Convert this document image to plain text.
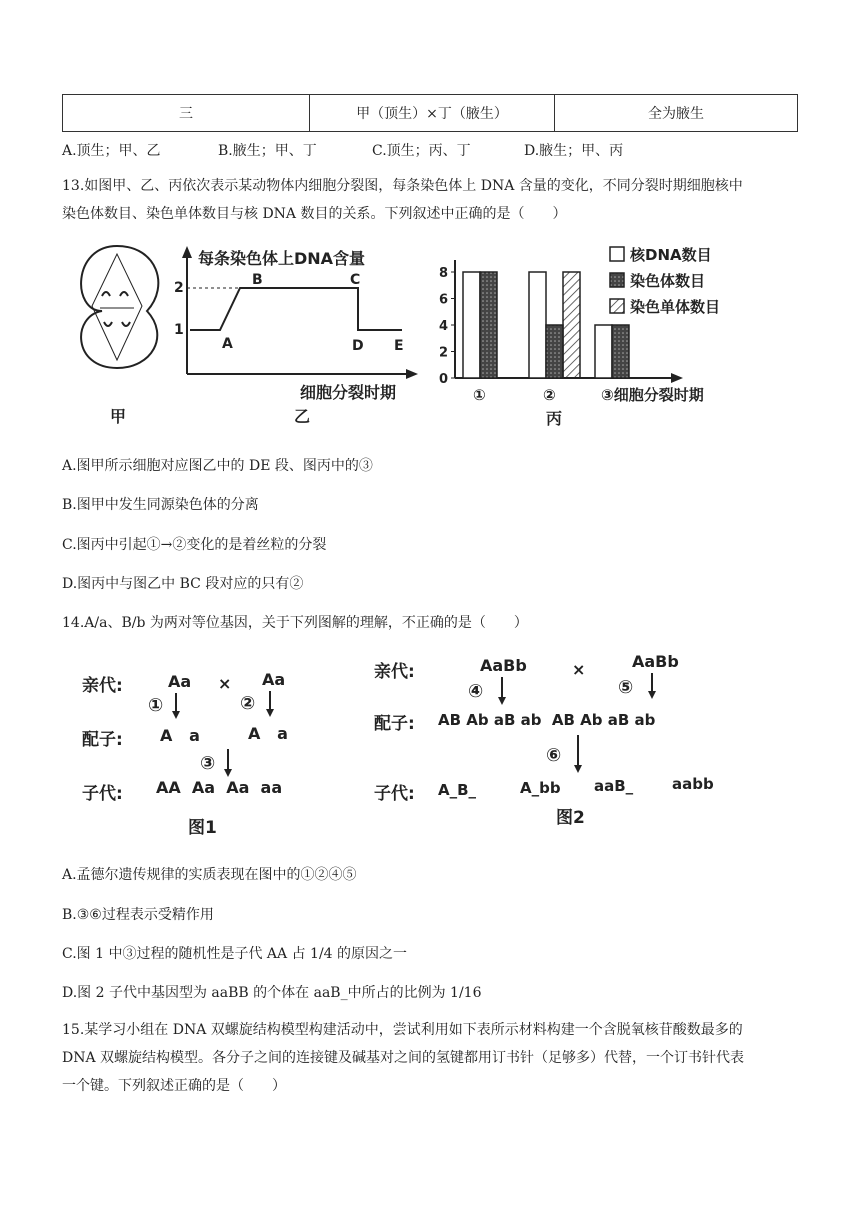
三	甲（顶生）×丁（腋生）	全为腋生
A.顶生；甲、乙	B.腋生；甲、丁	C.顶生；丙、丁	D.腋生；甲、丙
13.如图甲、乙、丙依次表示某动物体内细胞分裂图，每条染色体上 DNA 含量的变化，不同分裂时期细胞核中
染色体数目、染色单体数目与核 DNA 数目的关系。下列叙述中正确的是（　　）
甲
每条染色体上DNA含量
2
1
A
B	C
D E
细胞分裂时期
乙
0
2
4
6
8
①	②	③细胞分裂时期
核DNA数目
染色体数目
染色单体数目
丙
A.图甲所示细胞对应图乙中的 DE 段、图丙中的③
B.图甲中发生同源染色体的分离
C.图丙中引起①→②变化的是着丝粒的分裂
D.图丙中与图乙中 BC 段对应的只有②
14.A/a、B/b 为两对等位基因，关于下列图解的理解，不正确的是（　　）
亲代:	Aa × Aa
①	②
配子: A   a	A   a
③
子代: AA  Aa  Aa  aa
图1
亲代:	AaBb	×	AaBb
④	⑤
配子: AB Ab aB ab  AB Ab aB ab
⑥
子代: A_B_	A_bb aaB_	aabb
图2
A.孟德尔遗传规律的实质表现在图中的①②④⑤
B.③⑥过程表示受精作用
C.图 1 中③过程的随机性是子代 AA 占 1/4 的原因之一
D.图 2 子代中基因型为 aaBB 的个体在 aaB_中所占的比例为 1/16
15.某学习小组在 DNA 双螺旋结构模型构建活动中，尝试利用如下表所示材料构建一个含脱氧核苷酸数最多的
DNA 双螺旋结构模型。各分子之间的连接键及碱基对之间的氢键都用订书针（足够多）代替，一个订书针代表
一个键。下列叙述正确的是（　　）
